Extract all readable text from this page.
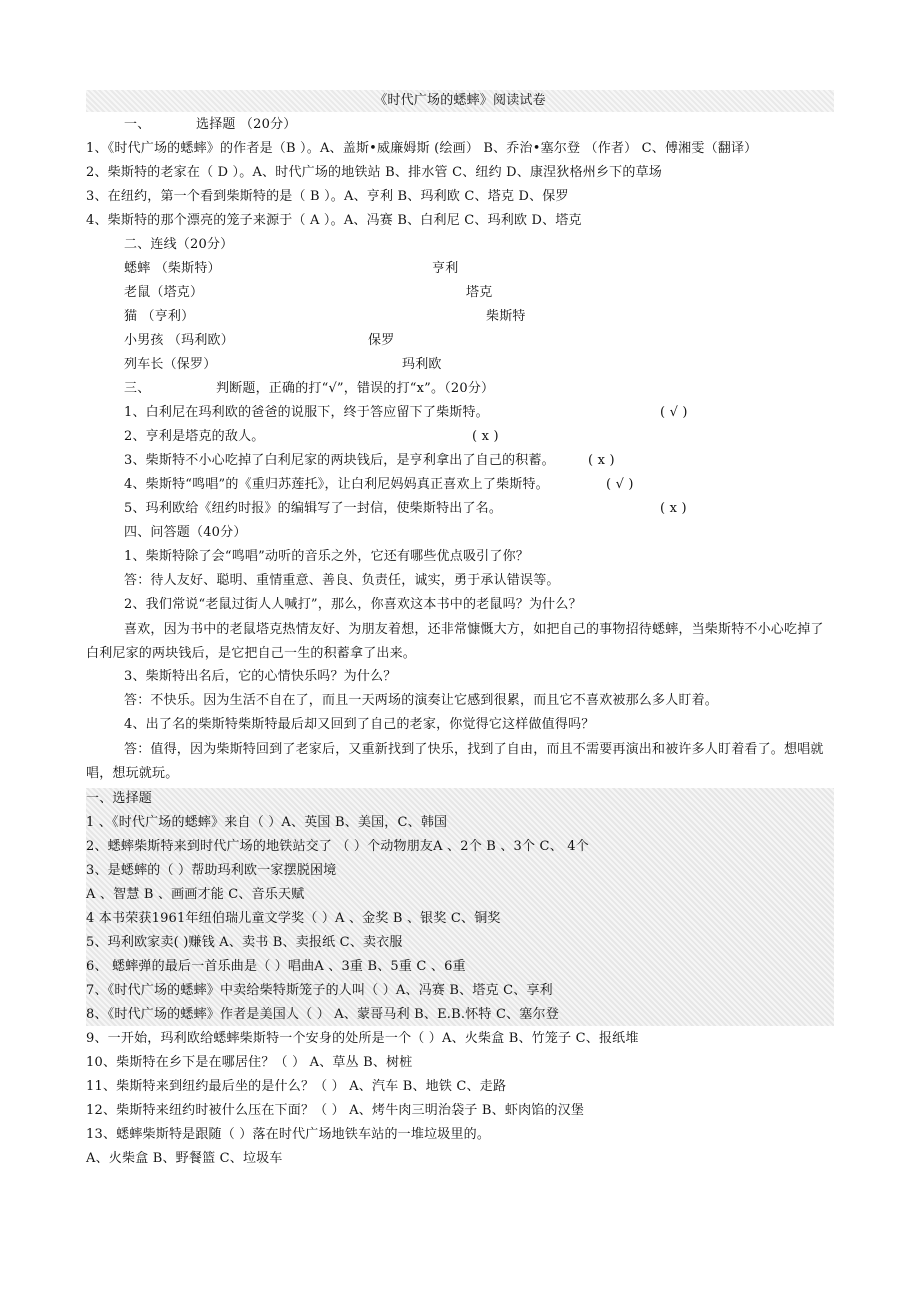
《时代广场的蟋蟀》阅读试卷
一、	选择题 （20分）
1、《时代广场的蟋蟀》的作者是（B ）。A、盖斯•威廉姆斯 (绘画） B、乔治•塞尔登 （作者） C、傅湘雯（翻译）
2、柴斯特的老家在（ D ）。A、时代广场的地铁站 B、排水管 C、纽约 D、康涅狄格州乡下的草场
3、在纽约，第一个看到柴斯特的是（ B ）。A、亨利 B、玛利欧 C、塔克 D、保罗
4、柴斯特的那个漂亮的笼子来源于（ A ）。A、冯赛 B、白利尼 C、玛利欧 D、塔克
二、连线（20分）
蟋蟀 （柴斯特）	亨利
老鼠（塔克）	塔克
猫 （亨利）	柴斯特
小男孩 （玛利欧）	保罗
列车长（保罗）	玛利欧
三、	判断题，正确的打“√”，错误的打“x”。（20分）
1、白利尼在玛利欧的爸爸的说服下，终于答应留下了柴斯特。	( √ )
2、亨利是塔克的敌人。	( x )
3、柴斯特不小心吃掉了白利尼家的两块钱后，是亨利拿出了自己的积蓄。	( x )
4、柴斯特“鸣唱”的《重归苏莲托》，让白利尼妈妈真正喜欢上了柴斯特。	( √ )
5、玛利欧给《纽约时报》的编辑写了一封信，使柴斯特出了名。	( x )
四、问答题（40分）
1、柴斯特除了会“鸣唱”动听的音乐之外，它还有哪些优点吸引了你？
答：待人友好、聪明、重情重意、善良、负责任，诚实，勇于承认错误等。
2、我们常说“老鼠过街人人喊打”，那么，你喜欢这本书中的老鼠吗？为什么？
喜欢，因为书中的老鼠塔克热情友好、为朋友着想，还非常慷慨大方，如把自己的事物招待蟋蟀，当柴斯特不小心吃掉了白利尼家的两块钱后，是它把自己一生的积蓄拿了出来。
3、柴斯特出名后，它的心情快乐吗？为什么？
答：不快乐。因为生活不自在了，而且一天两场的演奏让它感到很累，而且它不喜欢被那么多人盯着。
4、出了名的柴斯特柴斯特最后却又回到了自己的老家，你觉得它这样做值得吗？
答：值得，因为柴斯特回到了老家后，又重新找到了快乐，找到了自由，而且不需要再演出和被许多人盯着看了。想唱就唱，想玩就玩。
一、选择题
1 、《时代广场的蟋蟀》来自（ ）A、英国 B、美国，C、韩国
2、蟋蟀柴斯特来到时代广场的地铁站交了 （ ）个动物朋友A 、2个 B 、3个 C、 4个
3、是蟋蟀的（ ）帮助玛利欧一家摆脱困境
A 、智慧 B 、画画才能 C、音乐天赋
4 本书荣获1961年纽伯瑞儿童文学奖（ ）A 、金奖 B 、银奖 C、铜奖
5、玛利欧家卖( )赚钱 A、卖书 B、卖报纸 C、卖衣服
6、 蟋蟀弹的最后一首乐曲是（ ）唱曲A 、3重 B、5重 C 、6重
7、《时代广场的蟋蟀》中卖给柴特斯笼子的人叫（ ）A、冯赛 B、塔克 C、享利
8、《时代广场的蟋蟀》作者是美国人（ ） A、蒙哥马利 B、E.B.怀特 C、塞尔登
9、一开始，玛利欧给蟋蟀柴斯特一个安身的处所是一个（ ）A、火柴盒 B、竹笼子 C、报纸堆
10、柴斯特在乡下是在哪居住？（ ） A、草丛 B、树桩
11、柴斯特来到纽约最后坐的是什么？（ ） A、汽车 B、地铁 C、走路
12、柴斯特来纽约时被什么压在下面？（ ） A、烤牛肉三明治袋子 B、虾肉馅的汉堡
13、蟋蟀柴斯特是跟随（ ）落在时代广场地铁车站的一堆垃圾里的。
A、火柴盒 B、野餐篮 C、垃圾车
